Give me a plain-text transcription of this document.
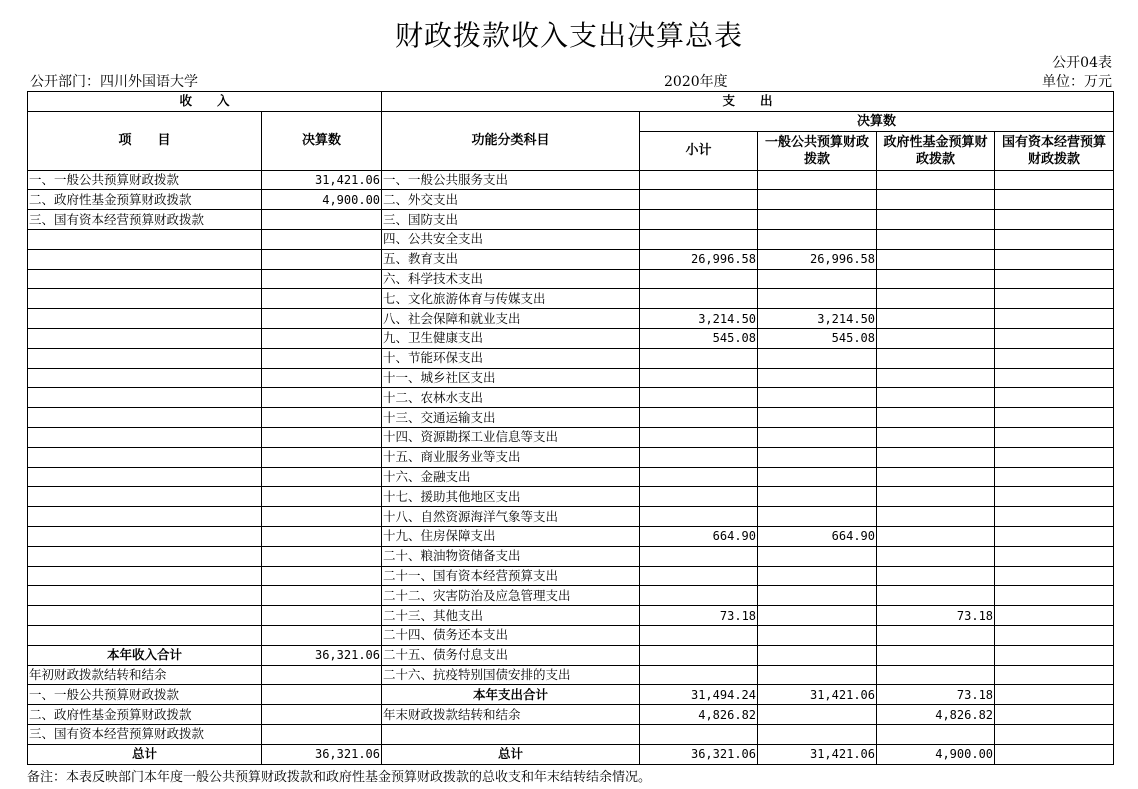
财政拨款收入支出决算总表
公开04表
公开部门：四川外国语大学	2020年度	单位：万元
收　　入		支　　出				
项　　目	决算数	功能分类科目	决算数			
			小计	一般公共预算财政拨款	政府性基金预算财政拨款	国有资本经营预算财政拨款

一、一般公共预算财政拨款	31,421.06	一、一般公共服务支出				
二、政府性基金预算财政拨款	4,900.00	二、外交支出				
三、国有资本经营预算财政拨款		三、国防支出				
		四、公共安全支出				
		五、教育支出	26,996.58	26,996.58		
		六、科学技术支出				
		七、文化旅游体育与传媒支出				
		八、社会保障和就业支出	3,214.50	3,214.50		
		九、卫生健康支出	545.08	545.08		
		十、节能环保支出				
		十一、城乡社区支出				
		十二、农林水支出				
		十三、交通运输支出				
		十四、资源勘探工业信息等支出				
		十五、商业服务业等支出				
		十六、金融支出				
		十七、援助其他地区支出				
		十八、自然资源海洋气象等支出				
		十九、住房保障支出	664.90	664.90		
		二十、粮油物资储备支出				
		二十一、国有资本经营预算支出				
		二十二、灾害防治及应急管理支出				
		二十三、其他支出	73.18		73.18	
		二十四、债务还本支出				
本年收入合计	36,321.06	二十五、债务付息支出				
年初财政拨款结转和结余		二十六、抗疫特别国债安排的支出				
一、一般公共预算财政拨款		本年支出合计	31,494.24	31,421.06	73.18	
二、政府性基金预算财政拨款		年末财政拨款结转和结余	4,826.82		4,826.82	
三、国有资本经营预算财政拨款						
总计	36,321.06	总计	36,321.06	31,421.06	4,900.00	
备注：本表反映部门本年度一般公共预算财政拨款和政府性基金预算财政拨款的总收支和年末结转结余情况。
